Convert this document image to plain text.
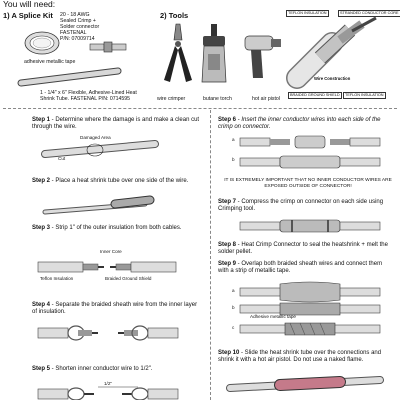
You will need:
1) A Splice Kit 20 - 18 AWG
Sealed Crimp +
Solder connector
FASTENAL
P/N: 07009714
adhesive metallic tape
1 - 1/4" x 6" Flexible, Adhesive-Lined Heat
Shrink Tube. FASTENAL P/N: 0714595
2) Tools
wire crimper	butane torch	hot air pistol
TEFLON INSULATION	STRANDED CONDUCTOR CORE
Wire Construction
BRAIDED GROUND SHIELD	TEFLON INSULATION
Step 1 - Determine where the damage is and make a clean cut through the wire.
Damaged Area
Cut
Step 2 - Place a heat shrink tube over one side of the wire.
Step 3 - Strip 1" of the outer insulation from both cables.
Inner Core
Teflon Insulation	Braided Ground Shield
Step 4 - Separate the braided sheath wire from the inner layer of insulation.
Step 5 - Shorten inner conductor wire to 1/2".
1/2"
Step 6 - Insert the inner conductor wires into each side of the crimp on connector.
a
b
IT IS EXTREMELY IMPORTANT THAT NO INNER CONDUCTOR WIRES ARE EXPOSED OUTSIDE OF CONNECTOR!
Step 7 - Compress the crimp on connector on each side using Crimping tool.
Step 8 - Heat Crimp Connector to seal the heatshrink + melt the solder pellet.
Step 9 - Overlap both braided sheath wires and connect them with a strip of metallic tape.
a
b
Adhesive metallic tape
c
Step 10 - Slide the heat shrink tube over the connections and shrink it with a hot air pistol. Do not use a naked flame.
